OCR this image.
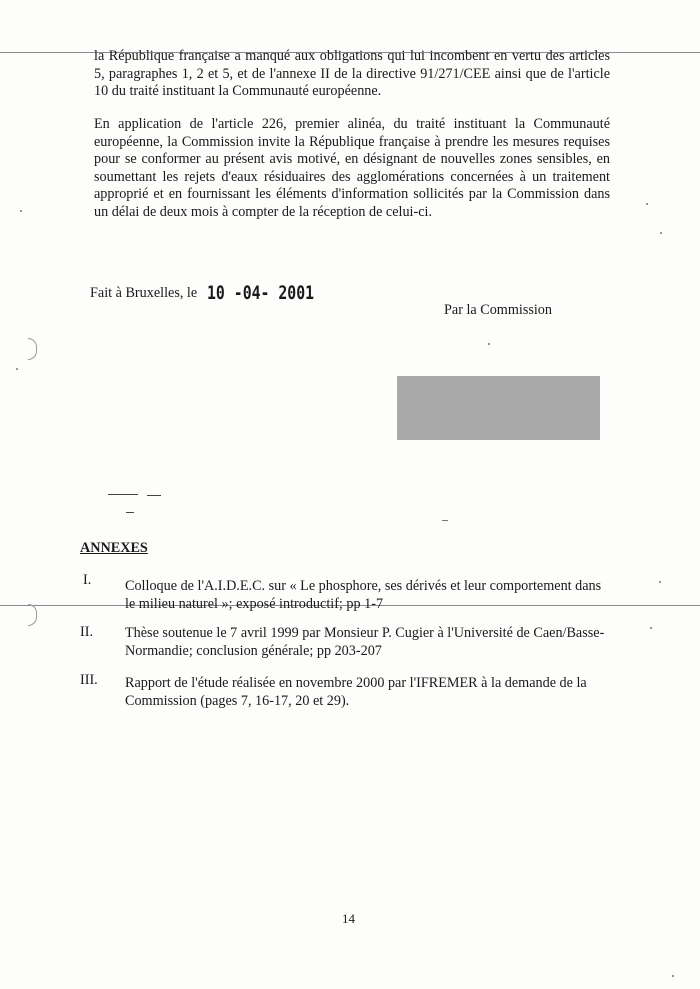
la République française a manqué aux obligations qui lui incombent en vertu des articles 5, paragraphes 1, 2 et 5, et de l'annexe II de la directive 91/271/CEE ainsi que de l'article 10 du traité instituant la Communauté européenne.

En application de l'article 226, premier alinéa, du traité instituant la Communauté européenne, la Commission invite la République française à prendre les mesures requises pour se conformer au présent avis motivé, en désignant de nouvelles zones sensibles, en soumettant les rejets d'eaux résiduaires des agglomérations concernées à un traitement approprié et en fournissant les éléments d'information sollicités par la Commission dans un délai de deux mois à compter de la réception de celui-ci.

Fait à Bruxelles, le 10 -04- 2001
Par la Commission
ANNEXES
I. Colloque de l'A.I.D.E.C. sur « Le phosphore, ses dérivés et leur comportement dans le milieu naturel »; exposé introductif; pp 1-7

II. Thèse soutenue le 7 avril 1999 par Monsieur P. Cugier à l'Université de Caen/Basse-Normandie; conclusion générale; pp 203-207

III. Rapport de l'étude réalisée en novembre 2000 par l'IFREMER à la demande de la Commission (pages 7, 16-17, 20 et 29).

14
